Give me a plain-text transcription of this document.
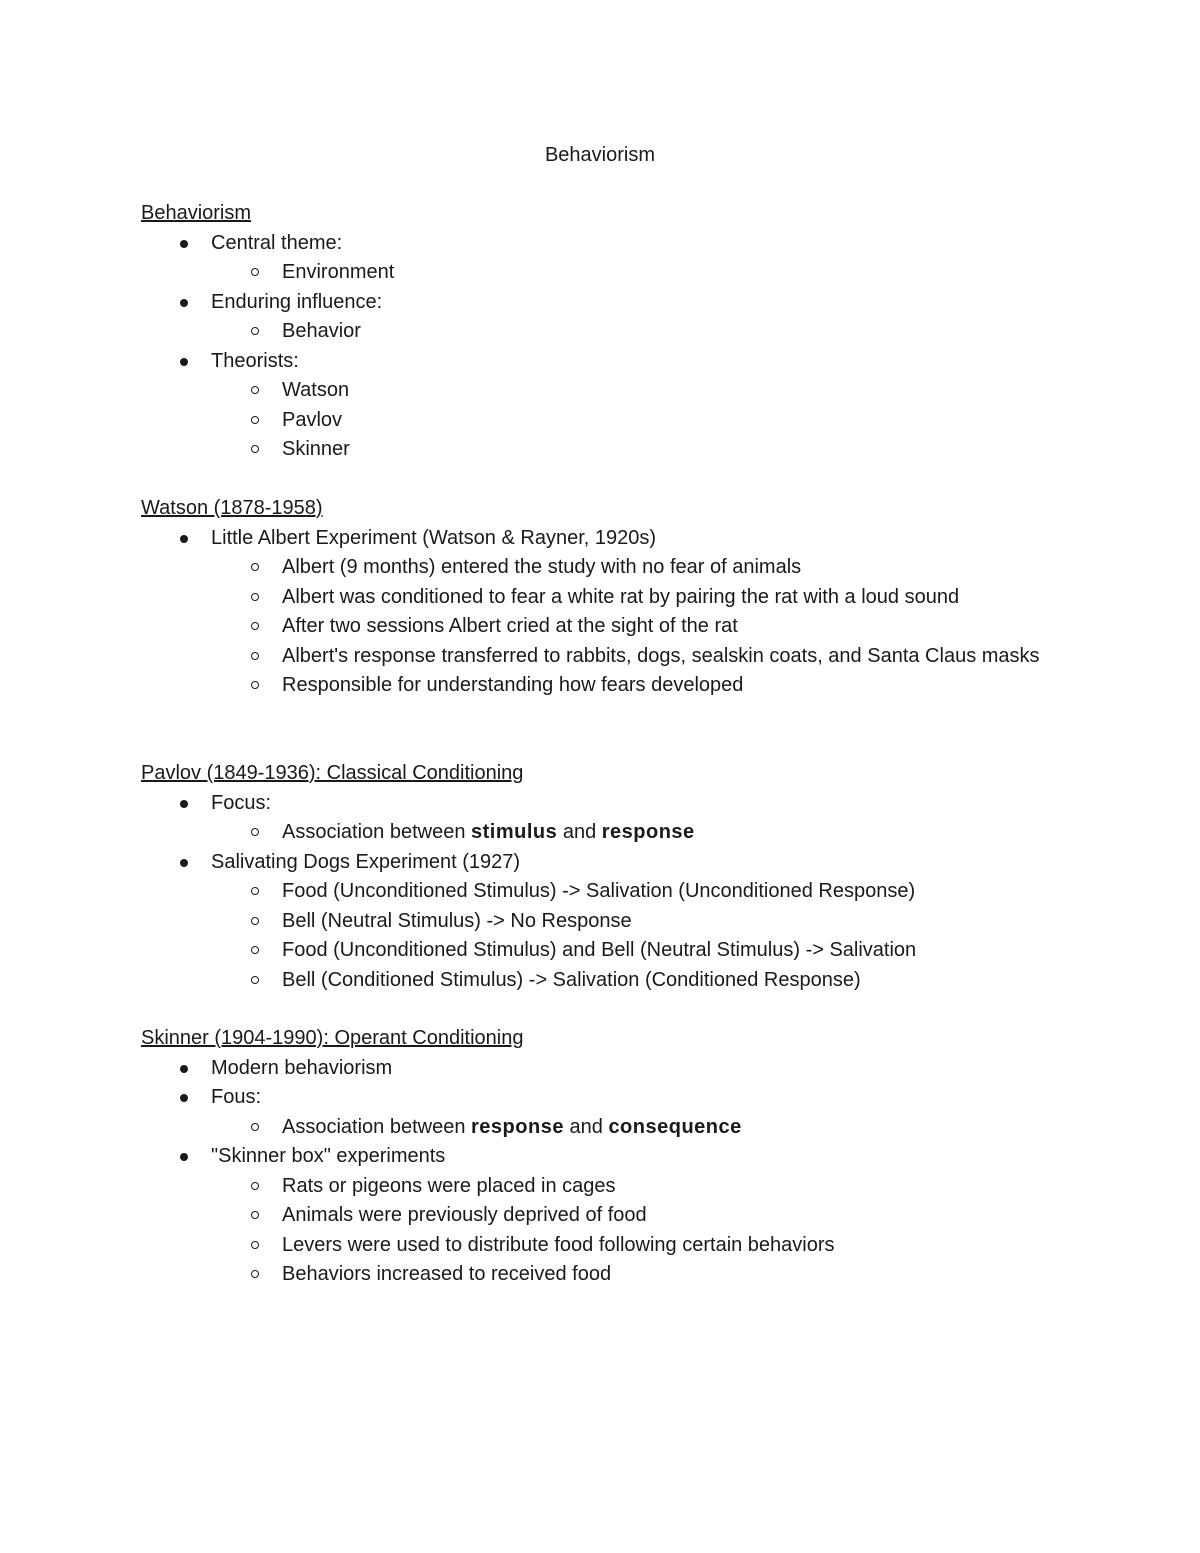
Behaviorism
Behaviorism
Central theme:
Environment
Enduring influence:
Behavior
Theorists:
Watson
Pavlov
Skinner
Watson (1878-1958)
Little Albert Experiment (Watson & Rayner, 1920s)
Albert (9 months) entered the study with no fear of animals
Albert was conditioned to fear a white rat by pairing the rat with a loud sound
After two sessions Albert cried at the sight of the rat
Albert's response transferred to rabbits, dogs, sealskin coats, and Santa Claus masks
Responsible for understanding how fears developed
Pavlov (1849-1936): Classical Conditioning
Focus:
Association between stimulus and response
Salivating Dogs Experiment (1927)
Food (Unconditioned Stimulus) -> Salivation (Unconditioned Response)
Bell (Neutral Stimulus) -> No Response
Food (Unconditioned Stimulus) and Bell (Neutral Stimulus) -> Salivation
Bell (Conditioned Stimulus) -> Salivation (Conditioned Response)
Skinner (1904-1990): Operant Conditioning
Modern behaviorism
Fous:
Association between response and consequence
"Skinner box" experiments
Rats or pigeons were placed in cages
Animals were previously deprived of food
Levers were used to distribute food following certain behaviors
Behaviors increased to received food
